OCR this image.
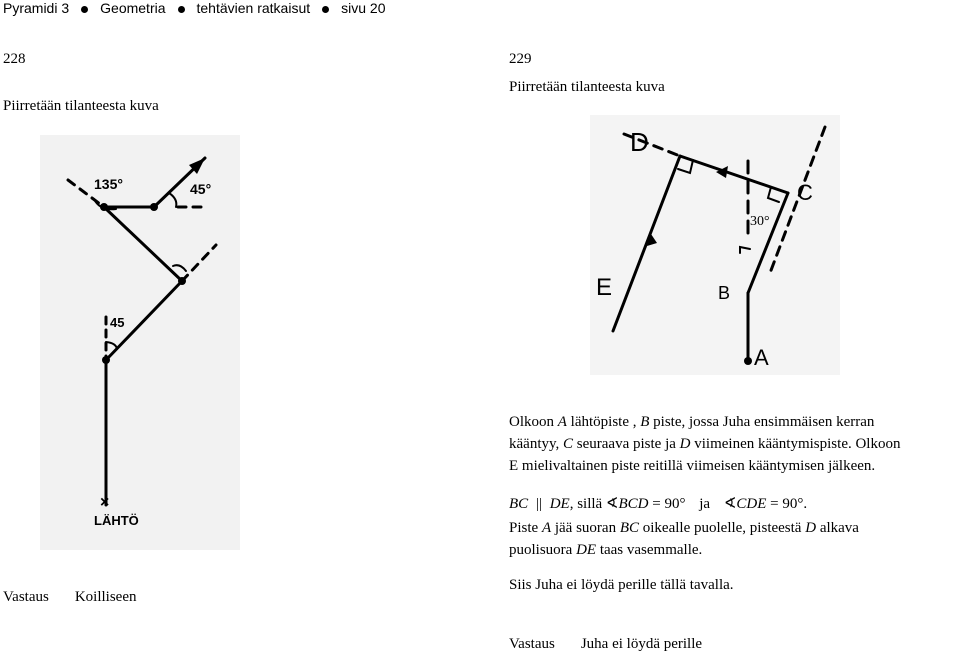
Pyramidi 3 Geometria tehtävien ratkaisut sivu 20
228
Piirretään tilanteesta kuva
×
135°	45°
45
LÄHTÖ
Vastaus Koilliseen
229
Piirretään tilanteesta kuva
D
C
E	B
A
30°
Olkoon A lähtöpiste , B piste, jossa Juha ensimmäisen kerran
kääntyy, C seuraava piste ja D viimeinen kääntymispiste. Olkoon
E mielivaltainen piste reitillä viimeisen kääntymisen jälkeen.
BC || DE, sillä ∢BCD = 90° ja ∢CDE = 90°.
Piste A jää suoran BC oikealle puolelle, pisteestä D alkava
puolisuora DE taas vasemmalle.
Siis Juha ei löydä perille tällä tavalla.
Vastaus Juha ei löydä perille
